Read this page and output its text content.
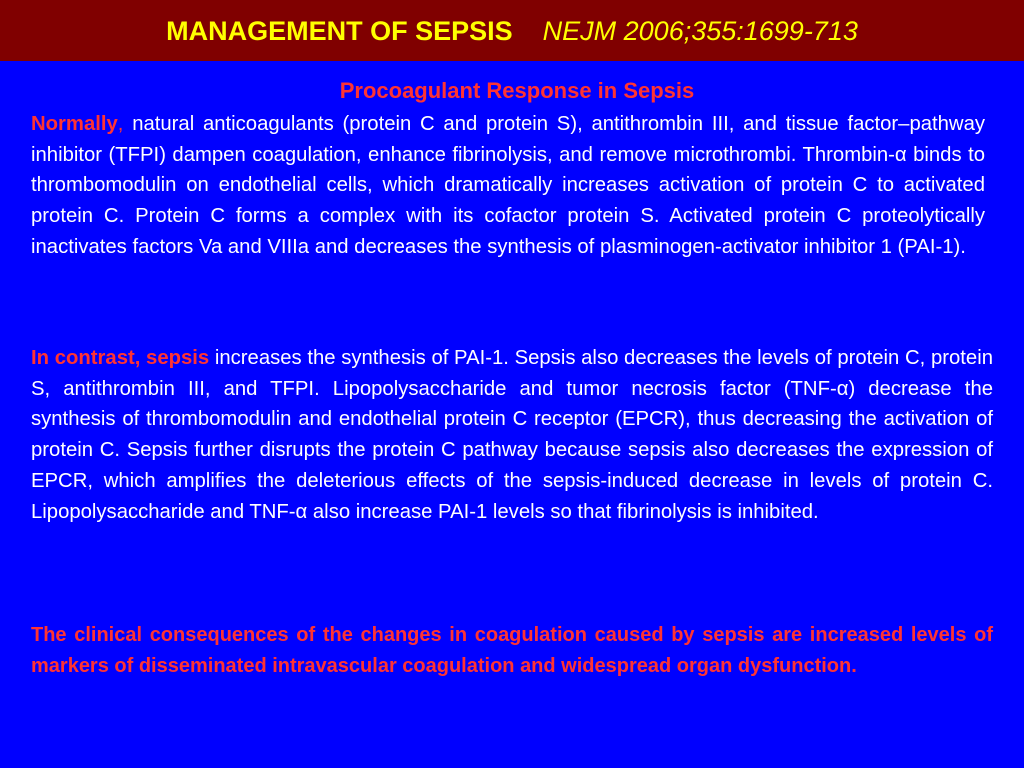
MANAGEMENT OF SEPSIS NEJM 2006;355:1699-713
Procoagulant Response in Sepsis

Normally, natural anticoagulants (protein C and protein S), antithrombin III, and tissue factor–pathway inhibitor (TFPI) dampen coagulation, enhance fibrinolysis, and remove microthrombi. Thrombin-α binds to thrombomodulin on endothelial cells, which dramatically increases activation of protein C to activated protein C. Protein C forms a complex with its cofactor protein S. Activated protein C proteolytically inactivates factors Va and VIIIa and decreases the synthesis of plasminogen-activator inhibitor 1 (PAI-1).

In contrast, sepsis increases the synthesis of PAI-1. Sepsis also decreases the levels of protein C, protein S, antithrombin III, and TFPI. Lipopolysaccharide and tumor necrosis factor (TNF-α) decrease the synthesis of thrombomodulin and endothelial protein C receptor (EPCR), thus decreasing the activation of protein C. Sepsis further disrupts the protein C pathway because sepsis also decreases the expression of EPCR, which amplifies the deleterious effects of the sepsis-induced decrease in levels of protein C. Lipopolysaccharide and TNF-α also increase PAI-1 levels so that fibrinolysis is inhibited.

The clinical consequences of the changes in coagulation caused by sepsis are increased levels of markers of disseminated intravascular coagulation and widespread organ dysfunction.
